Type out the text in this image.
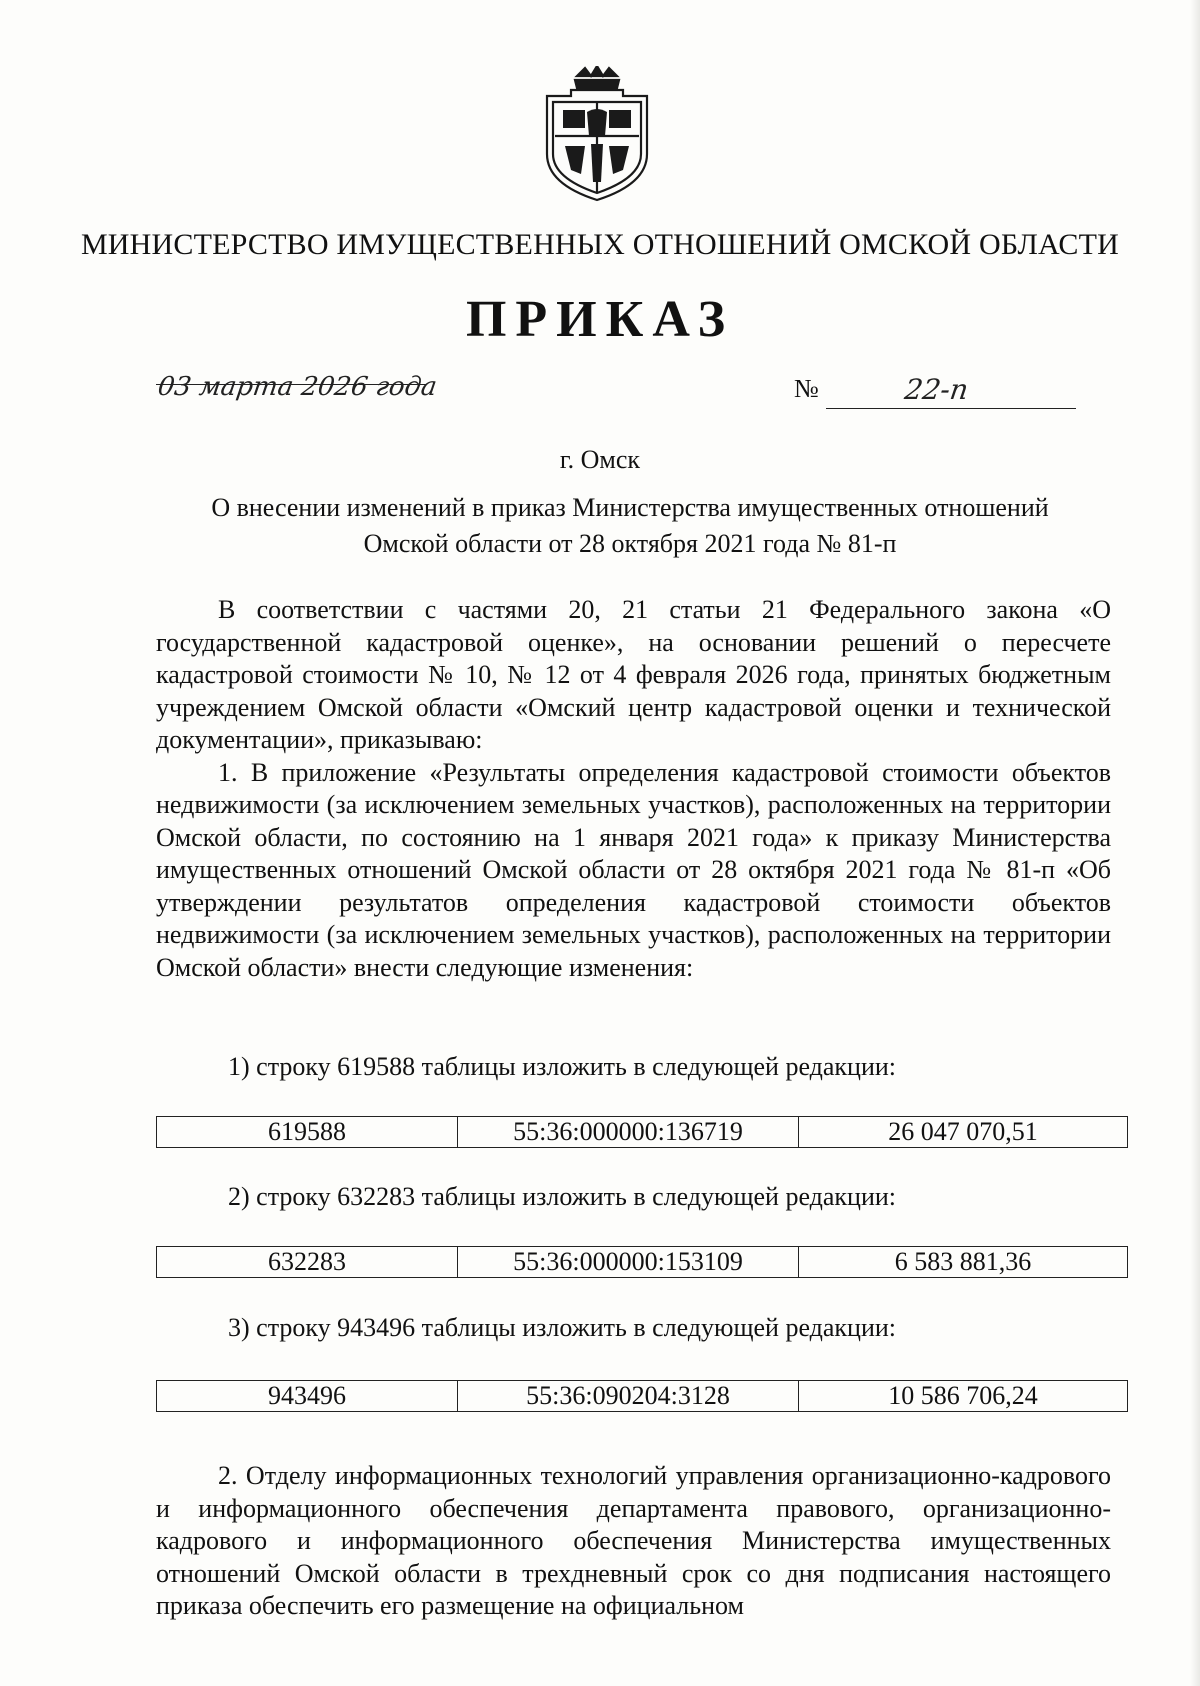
МИНИСТЕРСТВО ИМУЩЕСТВЕННЫХ ОТНОШЕНИЙ ОМСКОЙ ОБЛАСТИ
ПРИКАЗ
03 марта 2026 года	№	22-п
г. Омск
О внесении изменений в приказ Министерства имущественных отношений
Омской области от 28 октября 2021 года № 81-п

В соответствии с частями 20, 21 статьи 21 Федерального закона «О государственной кадастровой оценке», на основании решений о пересчете кадастровой стоимости № 10, № 12 от 4 февраля 2026 года, принятых бюджетным учреждением Омской области «Омский центр кадастровой оценки и технической документации», приказываю:

1. В приложение «Результаты определения кадастровой стоимости объектов недвижимости (за исключением земельных участков), расположенных на территории Омской области, по состоянию на 1 января 2021 года» к приказу Министерства имущественных отношений Омской области от 28 октября 2021 года № 81-п «Об утверждении результатов определения кадастровой стоимости объектов недвижимости (за исключением земельных участков), расположенных на территории Омской области» внести следующие изменения:

1) строку 619588 таблицы изложить в следующей редакции:
619588	55:36:000000:136719	26 047 070,51
2) строку 632283 таблицы изложить в следующей редакции:
632283	55:36:000000:153109	6 583 881,36
3) строку 943496 таблицы изложить в следующей редакции:
943496	55:36:090204:3128	10 586 706,24

2. Отделу информационных технологий управления организационно-кадрового и информационного обеспечения департамента правового, организационно-кадрового и информационного обеспечения Министерства имущественных отношений Омской области в трехдневный срок со дня подписания настоящего приказа обеспечить его размещение на официальном
